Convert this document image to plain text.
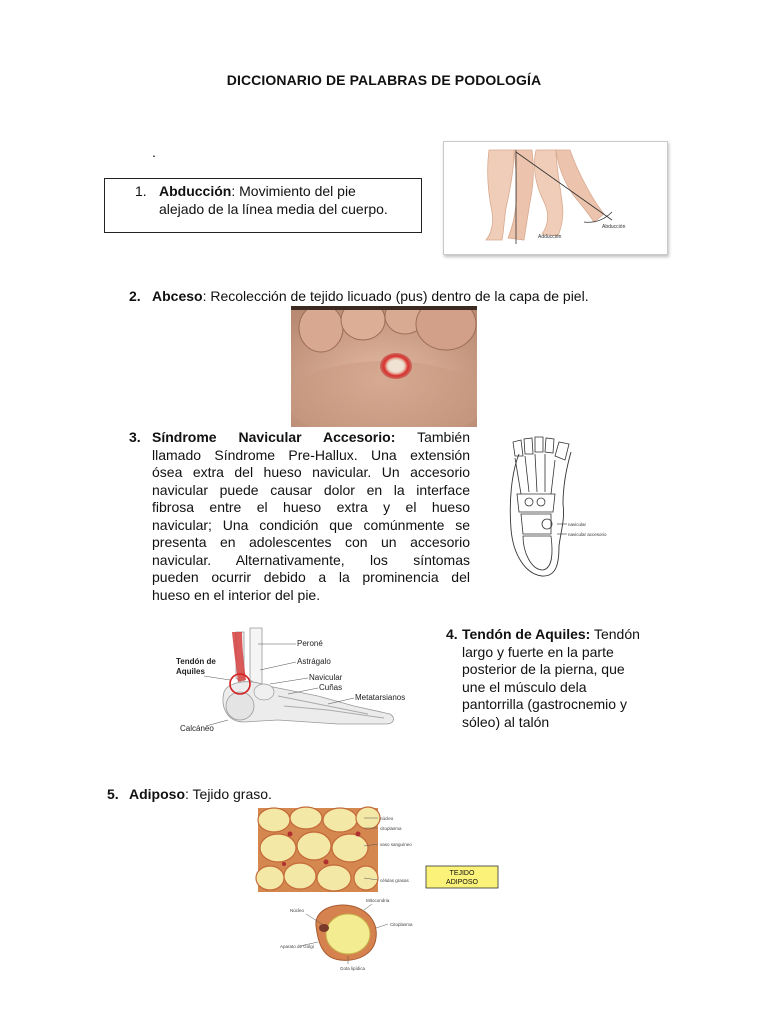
DICCIONARIO DE PALABRAS DE PODOLOGÍA
.
1. Abducción: Movimiento del pie
alejado de la línea media del cuerpo.
Adducción
Abducción
2. Abceso: Recolección de tejido licuado (pus) dentro de la capa de piel.
3. Síndrome Navicular Accesorio: También
llamado Síndrome Pre-Hallux. Una extensión
ósea extra del hueso navicular. Un accesorio
navicular puede causar dolor en la interface
fibrosa entre el hueso extra y el hueso
navicular; Una condición que comúnmente se
presenta en adolescentes con un accesorio
navicular. Alternativamente, los síntomas
pueden ocurrir debido a la prominencia del
hueso en el interior del pie.
navicular
navicular accesorio
Tendón de
Aquiles
Peroné
Astrágalo
Navicular
Cuñas
Metatarsianos
Calcáneo
4. Tendón de Aquiles: Tendón
largo y fuerte en la parte
posterior de la pierna, que
une el músculo dela
pantorrilla (gastrocnemio y
sóleo) al talón
5. Adiposo: Tejido graso.
núcleo
citoplasma
vaso sanguíneo
células grasas
TEJIDO
ADIPOSO
Núcleo
Mitocondria
Citoplasma
Aparato de Golgi
Gota lipídica
